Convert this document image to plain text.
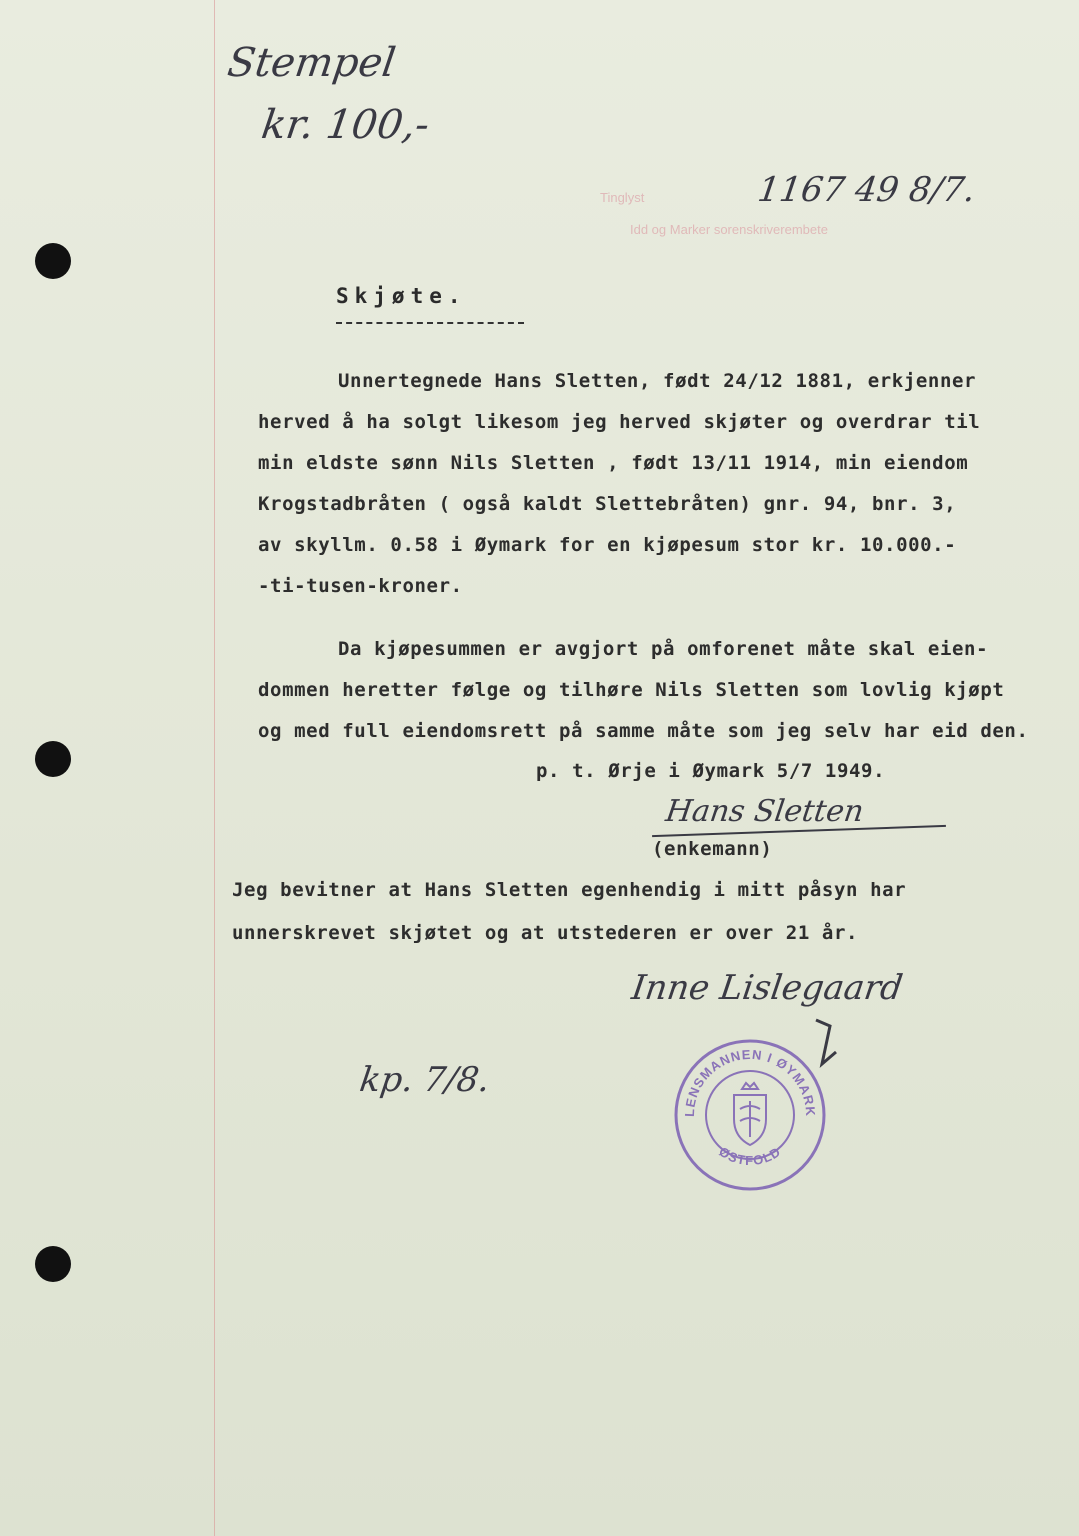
Stempel
kr. 100,-
Tinglyst
Idd og Marker sorenskriverembete
1167 49 8/7.
Skjøte.
Unnertegnede Hans Sletten, født 24/12 1881, erkjenner
herved å ha solgt likesom jeg herved skjøter og overdrar til
min eldste sønn Nils Sletten , født 13/11 1914, min eiendom
Krogstadbråten ( også kaldt Slettebråten) gnr. 94, bnr. 3,
av skyllm. 0.58 i Øymark for en kjøpesum stor kr. 10.000.-
-ti-tusen-kroner.
Da kjøpesummen er avgjort på omforenet måte skal eien-
dommen heretter følge og tilhøre Nils Sletten som lovlig kjøpt
og med full eiendomsrett på samme måte som jeg selv har eid den.
p. t. Ørje i Øymark 5/7 1949.
Hans Sletten
(enkemann)
Jeg bevitner at Hans Sletten egenhendig i mitt påsyn har
unnerskrevet skjøtet og at utstederen er over 21 år.
Inne Lislegaard
kp. 7/8.
LENSMANNEN I ØYMARK
ØSTFOLD
